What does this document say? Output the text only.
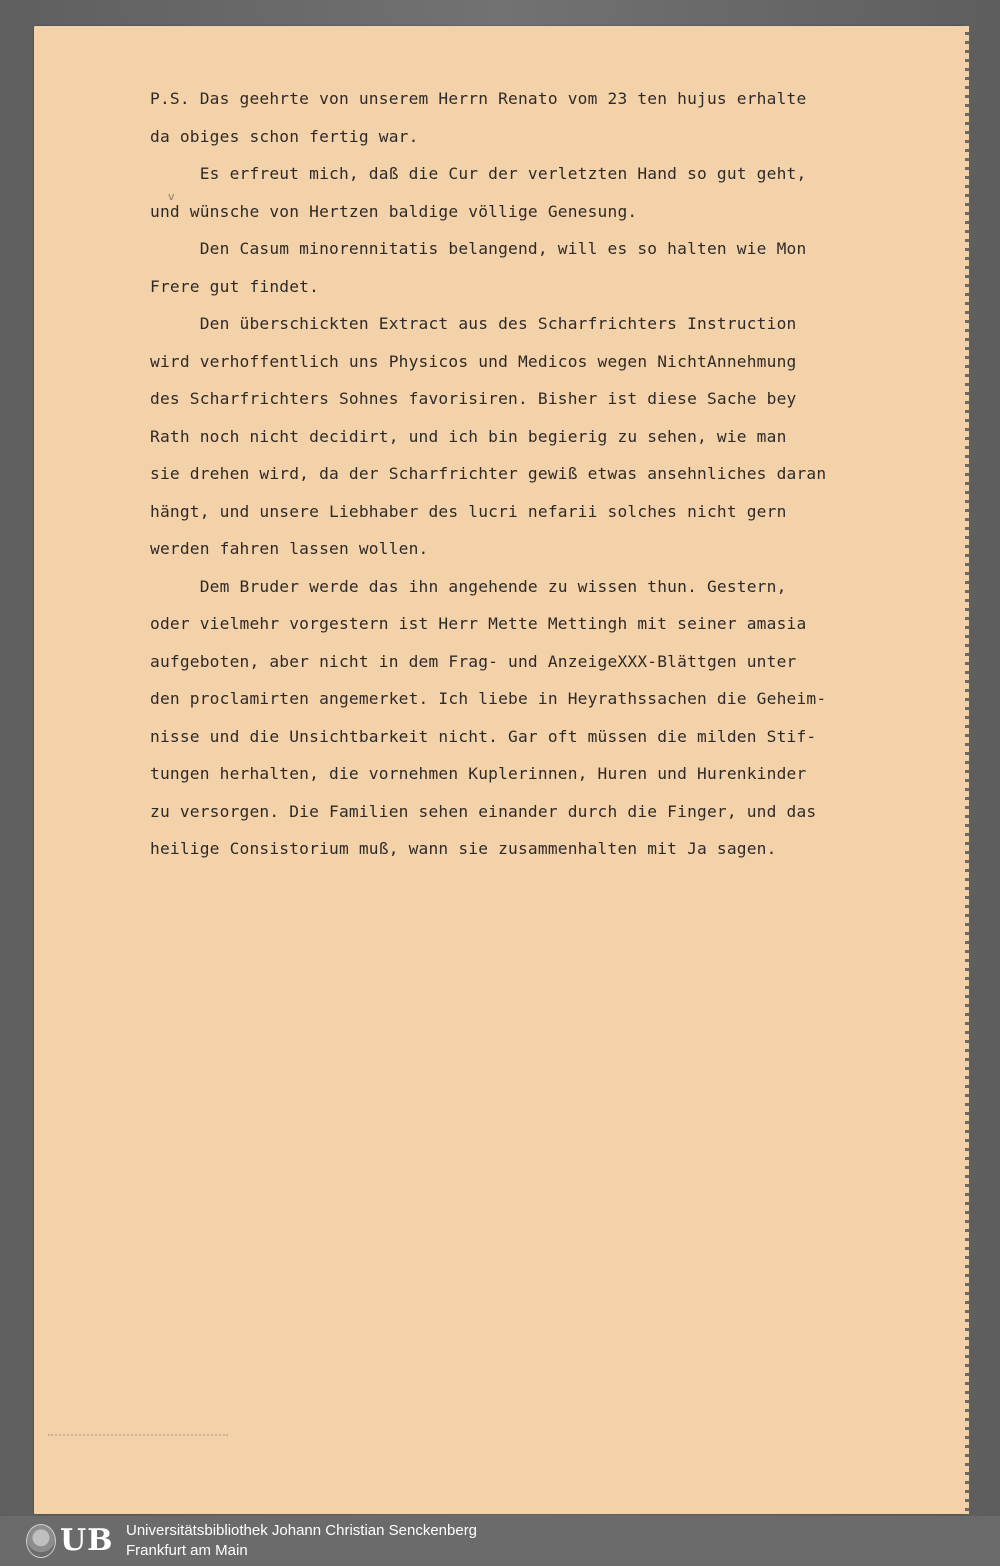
v
P.S. Das geehrte von unserem Herrn Renato vom 23 ten hujus erhalte
da obiges schon fertig war.
Es erfreut mich, daß die Cur der verletzten Hand so gut geht,
und wünsche von Hertzen baldige völlige Genesung.
Den Casum minorennitatis belangend, will es so halten wie Mon
Frere gut findet.
Den überschickten Extract aus des Scharfrichters Instruction
wird verhoffentlich uns Physicos und Medicos wegen NichtAnnehmung
des Scharfrichters Sohnes favorisiren. Bisher ist diese Sache bey
Rath noch nicht decidirt, und ich bin begierig zu sehen, wie man
sie drehen wird, da der Scharfrichter gewiß etwas ansehnliches daran
hängt, und unsere Liebhaber des lucri nefarii solches nicht gern
werden fahren lassen wollen.
Dem Bruder werde das ihn angehende zu wissen thun. Gestern,
oder vielmehr vorgestern ist Herr Mette Mettingh mit seiner amasia
aufgeboten, aber nicht in dem Frag- und AnzeigeXXX-Blättgen unter
den proclamirten angemerket. Ich liebe in Heyrathssachen die Geheim-
nisse und die Unsichtbarkeit nicht. Gar oft müssen die milden Stif-
tungen herhalten, die vornehmen Kuplerinnen, Huren und Hurenkinder
zu versorgen. Die Familien sehen einander durch die Finger, und das
heilige Consistorium muß, wann sie zusammenhalten mit Ja sagen.
UB Universitätsbibliothek Johann Christian Senckenberg
Frankfurt am Main
